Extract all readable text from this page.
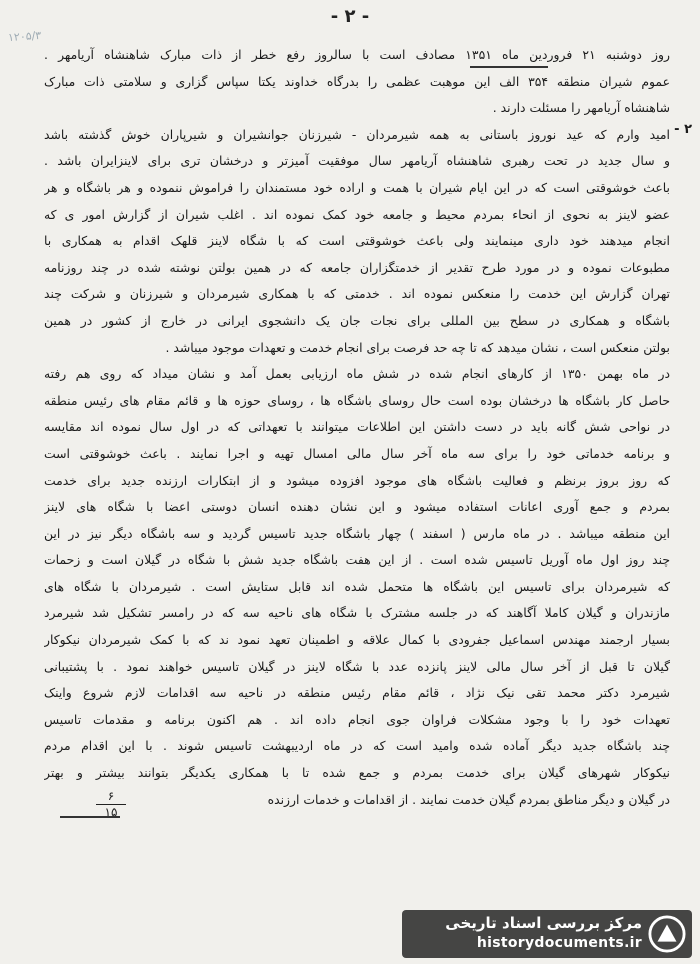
- ۲ -
۱۲۰۵/۳
روز دوشنبه ۲۱ فروردین ماه ۱۳۵۱ مصادف است با سالروز رفع خطر از ذات مبارک شاهنشاه آریامهر .
عموم شیران منطقه ۳۵۴ الف این موهبت عظمی را بدرگاه خداوند یکتا سپاس گزاری و سلامتی ذات مبارک
شاهنشاه آریامهر را مسئلت دارند .
امید وارم که عید نوروز باستانی به همه شیرمردان - شیرزنان جوانشیران و شیرپاران خوش گذشته باشد ۲ -
و سال جدید در تحت رهبری شاهنشاه آریامهر سال موفقیت آمیزتر و درخشان تری برای لاینزایران باشد .
باعث خوشوقتی است که در این ایام شیران با همت و اراده خود مستمندان را فراموش ننموده و هر باشگاه و هر
عضو لاینز به نحوی از انحاء بمردم محیط و جامعه خود کمک نموده اند . اغلب شیران از گزارش امور ی که
انجام میدهند خود داری مینمایند ولی باعث خوشوقتی است که با شگاه لاینز قلهک اقدام به همکاری با
مطبوعات نموده و در مورد طرح تقدیر از خدمتگزاران جامعه که در همین بولتن نوشته شده در چند روزنامه
تهران گزارش این خدمت را منعکس نموده اند . خدمتی که با همکاری شیرمردان و شیرزنان و شرکت چند
باشگاه و همکاری در سطح بین المللی برای نجات جان یک دانشجوی ایرانی در خارج از کشور در همین
بولتن منعکس است ، نشان میدهد که تا چه حد فرصت برای انجام خدمت و تعهدات موجود میباشد .
در ماه بهمن ۱۳۵۰ از کارهای انجام شده در شش ماه ارزیابی بعمل آمد و نشان میداد که روی هم رفته
حاصل کار باشگاه ها درخشان بوده است حال روسای باشگاه ها ، روسای حوزه ها و قائم مقام های رئیس منطقه
در نواحی شش گانه باید در دست داشتن این اطلاعات میتوانند با تعهداتی که در اول سال نموده اند مقایسه
و برنامه خدماتی خود را برای سه ماه آخر سال مالی امسال تهیه و اجرا نمایند . باعث خوشوقتی است
که روز بروز برنظم و فعالیت باشگاه های موجود افزوده میشود و از ابتکارات ارزنده جدید برای خدمت
بمردم و جمع آوری اعانات استفاده میشود و این نشان دهنده انسان دوستی اعضا با شگاه های لاینز
این منطقه میباشد . در ماه مارس ( اسفند ) چهار باشگاه جدید تاسیس گردید و سه باشگاه دیگر نیز در این
چند روز اول ماه آوریل تاسیس شده است . از این هفت باشگاه جدید شش با شگاه در گیلان است و زحمات
که شیرمردان برای تاسیس این باشگاه ها متحمل شده اند قابل ستایش است . شیرمردان با شگاه های
مازندران و گیلان کاملا آگاهند که در جلسه مشترک با شگاه های ناحیه سه که در رامسر تشکیل شد شیرمرد
بسیار ارجمند مهندس اسماعیل جفرودی با کمال علاقه و اطمینان تعهد نمود ند که با کمک شیرمردان نیکوکار
گیلان تا قبل از آخر سال مالی لاینز پانزده عدد با شگاه لاینز در گیلان تاسیس خواهند نمود . با پشتیبانی
شیرمرد دکتر محمد تقی نیک نژاد ، قائم مقام رئیس منطقه در ناحیه سه اقدامات لازم شروع واینک
تعهدات خود را با وجود مشکلات فراوان جوی انجام داده اند . هم اکنون برنامه و مقدمات تاسیس
چند باشگاه جدید دیگر آماده شده وامید است که در ماه اردیبهشت تاسیس شوند . با این اقدام مردم
نیکوکار شهرهای گیلان برای خدمت بمردم و جمع شده تا با همکاری یکدیگر بتوانند بیشتر و بهتر
در گیلان و دیگر مناطق بمردم گیلان خدمت نمایند . از اقدامات و خدمات ارزنده
۶
۱۵
مرکز بررسی اسناد تاریخی
historydocuments.ir
